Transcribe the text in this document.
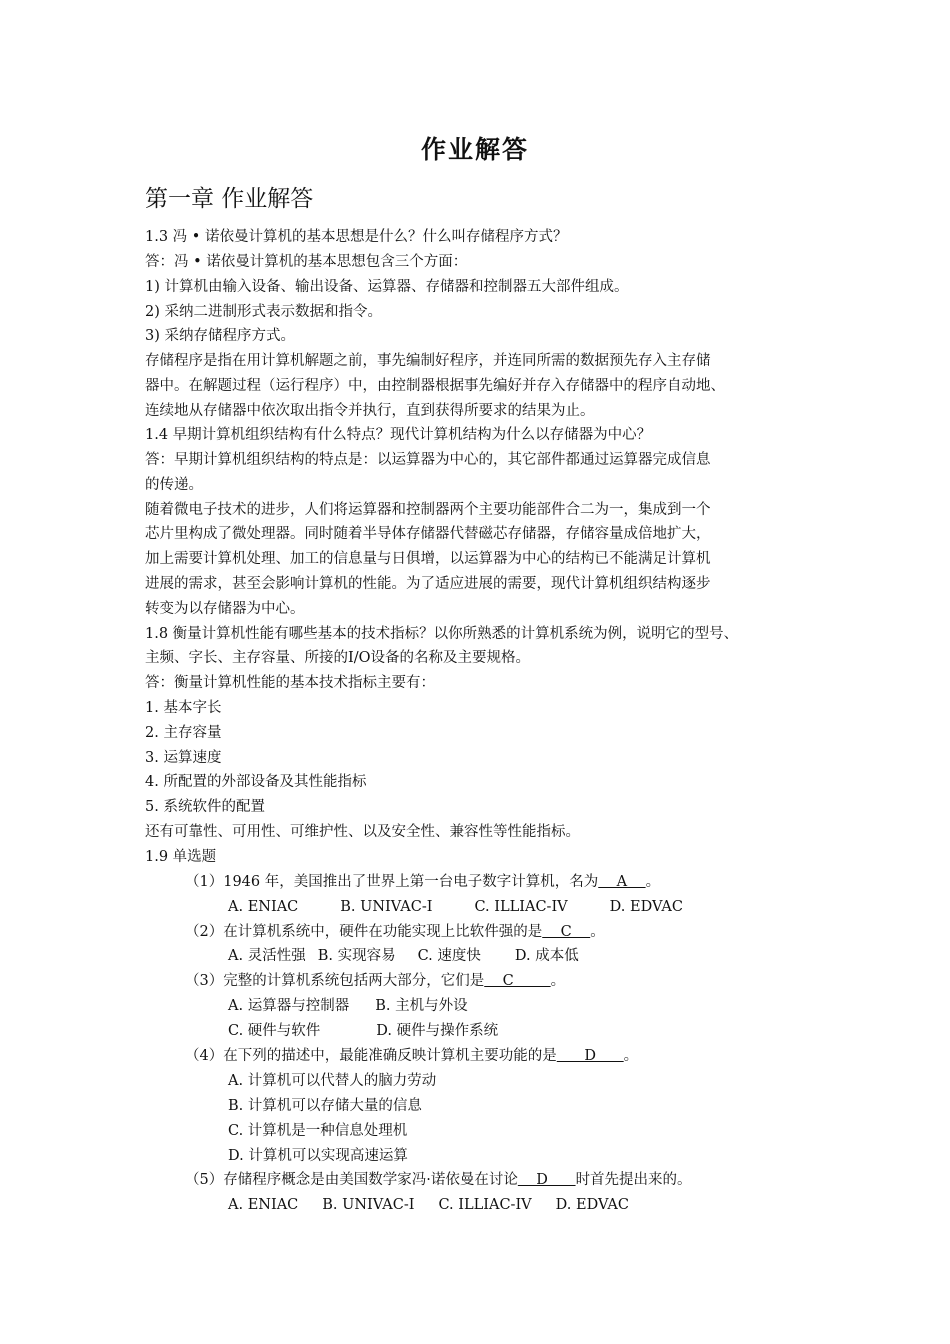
作业解答
第一章 作业解答
1.3 冯 • 诺依曼计算机的基本思想是什么？什么叫存储程序方式？
答：冯 • 诺依曼计算机的基本思想包含三个方面：
1) 计算机由输入设备、输出设备、运算器、存储器和控制器五大部件组成。
2) 采纳二进制形式表示数据和指令。
3) 采纳存储程序方式。
存储程序是指在用计算机解题之前，事先编制好程序，并连同所需的数据预先存入主存储
器中。在解题过程（运行程序）中，由控制器根据事先编好并存入存储器中的程序自动地、
连续地从存储器中依次取出指令并执行，直到获得所要求的结果为止。
1.4 早期计算机组织结构有什么特点？现代计算机结构为什么以存储器为中心？
答：早期计算机组织结构的特点是：以运算器为中心的，其它部件都通过运算器完成信息
的传递。
随着微电子技术的进步，人们将运算器和控制器两个主要功能部件合二为一，集成到一个
芯片里构成了微处理器。同时随着半导体存储器代替磁芯存储器，存储容量成倍地扩大，
加上需要计算机处理、加工的信息量与日俱增，以运算器为中心的结构已不能满足计算机
进展的需求，甚至会影响计算机的性能。为了适应进展的需要，现代计算机组织结构逐步
转变为以存储器为中心。
1.8 衡量计算机性能有哪些基本的技术指标？以你所熟悉的计算机系统为例，说明它的型号、
主频、字长、主存容量、所接的I/O设备的名称及主要规格。
答：衡量计算机性能的基本技术指标主要有：
1. 基本字长
2. 主存容量
3. 运算速度
4. 所配置的外部设备及其性能指标
5. 系统软件的配置
还有可靠性、可用性、可维护性、以及安全性、兼容性等性能指标。
1.9 单选题
（1）1946 年，美国推出了世界上第一台电子数字计算机，名为    A    。
A. ENIAC	B. UNIVAC-I	C. ILLIAC-IV	D. EDVAC
（2）在计算机系统中，硬件在功能实现上比软件强的是    C    。
A. 灵活性强 B. 实现容易 C. 速度快 D. 成本低
（3）完整的计算机系统包括两大部分，它们是    C        。
A. 运算器与控制器 B. 主机与外设
C. 硬件与软件	D. 硬件与操作系统
（4）在下列的描述中，最能准确反映计算机主要功能的是      D      。
A. 计算机可以代替人的脑力劳动
B. 计算机可以存储大量的信息
C. 计算机是一种信息处理机
D. 计算机可以实现高速运算
（5）存储程序概念是由美国数学家冯·诺依曼在讨论    D      时首先提出来的。
A. ENIAC B. UNIVAC-I C. ILLIAC-IV D. EDVAC
